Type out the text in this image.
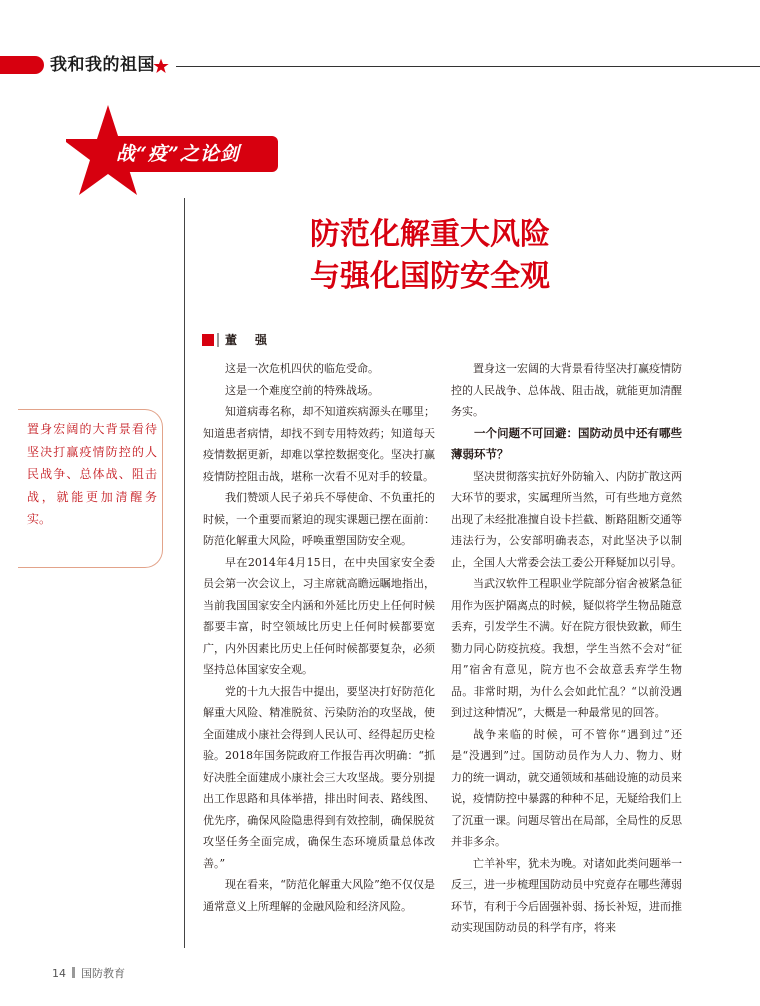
我和我的祖国
战“疫”之论剑
防范化解重大风险
与强化国防安全观
董　强
置身宏阔的大背景看待坚决打赢疫情防控的人民战争、总体战、阻击战，就能更加清醒务实。

这是一次危机四伏的临危受命。

这是一个难度空前的特殊战场。

知道病毒名称，却不知道疾病源头在哪里；知道患者病情，却找不到专用特效药；知道每天疫情数据更新，却难以掌控数据变化。坚决打赢疫情防控阻击战，堪称一次看不见对手的较量。

我们赞颂人民子弟兵不辱使命、不负重托的时候，一个重要而紧迫的现实课题已摆在面前：防范化解重大风险，呼唤重塑国防安全观。

早在2014年4月15日，在中央国家安全委员会第一次会议上，习主席就高瞻远瞩地指出，当前我国国家安全内涵和外延比历史上任何时候都要丰富，时空领域比历史上任何时候都要宽广，内外因素比历史上任何时候都要复杂，必须坚持总体国家安全观。

党的十九大报告中提出，要坚决打好防范化解重大风险、精准脱贫、污染防治的攻坚战，使全面建成小康社会得到人民认可、经得起历史检验。2018年国务院政府工作报告再次明确：“抓好决胜全面建成小康社会三大攻坚战。要分别提出工作思路和具体举措，排出时间表、路线图、优先序，确保风险隐患得到有效控制，确保脱贫攻坚任务全面完成，确保生态环境质量总体改善。”

现在看来，“防范化解重大风险”绝不仅仅是通常意义上所理解的金融风险和经济风险。

置身这一宏阔的大背景看待坚决打赢疫情防控的人民战争、总体战、阻击战，就能更加清醒务实。

一个问题不可回避：国防动员中还有哪些薄弱环节？

坚决贯彻落实抗好外防输入、内防扩散这两大环节的要求，实属理所当然，可有些地方竟然出现了未经批准擅自设卡拦截、断路阻断交通等违法行为，公安部明确表态，对此坚决予以制止，全国人大常委会法工委公开释疑加以引导。

当武汉软件工程职业学院部分宿舍被紧急征用作为医护隔离点的时候，疑似将学生物品随意丢弃，引发学生不满。好在院方很快致歉，师生勠力同心防疫抗疫。我想，学生当然不会对“征用”宿舍有意见，院方也不会故意丢弃学生物品。非常时期，为什么会如此忙乱？“以前没遇到过这种情况”，大概是一种最常见的回答。

战争来临的时候，可不管你“遇到过”还是“没遇到”过。国防动员作为人力、物力、财力的统一调动，就交通领域和基础设施的动员来说，疫情防控中暴露的种种不足，无疑给我们上了沉重一课。问题尽管出在局部，全局性的反思并非多余。

亡羊补牢，犹未为晚。对诸如此类问题举一反三，进一步梳理国防动员中究竟存在哪些薄弱环节，有利于今后固强补弱、扬长补短，进而推动实现国防动员的科学有序，将来

14 国防教育
